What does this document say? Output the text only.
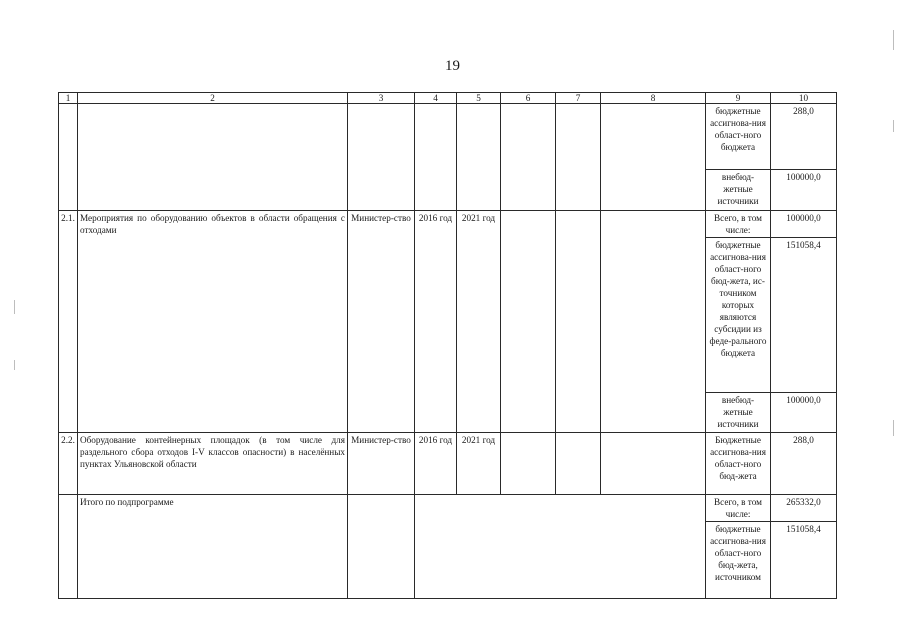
19
1	2	3	4	5	6	7	8	9	10
								бюджетные ассигнова-ния област-ного бюджета	288,0
								внебюд-жетные источники	100000,0
2.1.	Мероприятия по оборудованию объектов в области обращения с отходами	Министер-ство	2016 год	2021 год				Всего, в том числе:	100000,0
								бюджетные ассигнова-ния област-ного бюд-жета, ис-точником которых являются субсидии из феде-рального бюджета	151058,4
								внебюд-жетные источники	100000,0
2.2.	Оборудование контейнерных площадок (в том числе для раздельного сбора отходов I-V классов опасности) в населённых пунктах Ульяновской области	Министер-ство	2016 год	2021 год				Бюджетные ассигнова-ния област-ного бюд-жета	288,0
	Итого по подпрограмме							Всего, в том числе:	265332,0
								бюджетные ассигнова-ния област-ного бюд-жета, источником	151058,4
